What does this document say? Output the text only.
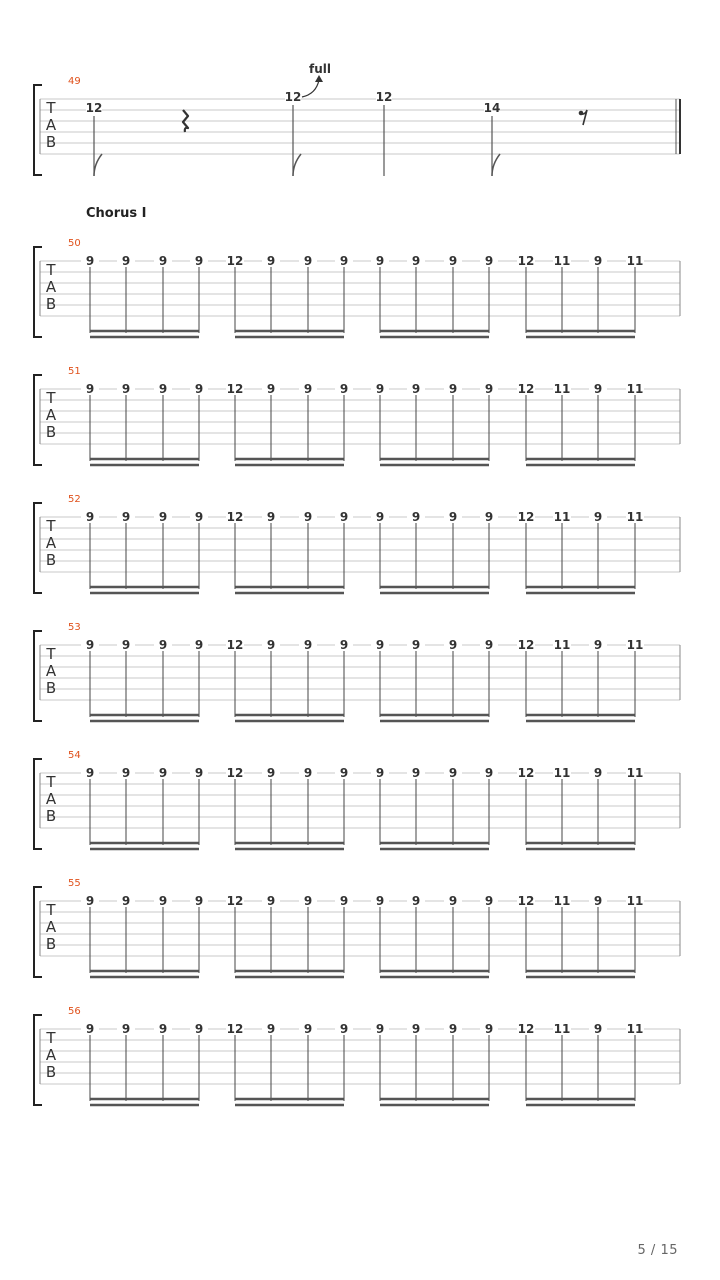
49
T
A
B
12
12
full
12
14
Chorus I
50
T
A
B
9 9 9 9 12 9 9 9 9 9 9 9 12 11 9 11
51
T
A
B
9 9 9 9 12 9 9 9 9 9 9 9 12 11 9 11
52
T
A
B
9 9 9 9 12 9 9 9 9 9 9 9 12 11 9 11
53
T
A
B
9 9 9 9 12 9 9 9 9 9 9 9 12 11 9 11
54
T
A
B
9 9 9 9 12 9 9 9 9 9 9 9 12 11 9 11
55
T
A
B
9 9 9 9 12 9 9 9 9 9 9 9 12 11 9 11
56
T
A
B
9 9 9 9 12 9 9 9 9 9 9 9 12 11 9 11
5 / 15
